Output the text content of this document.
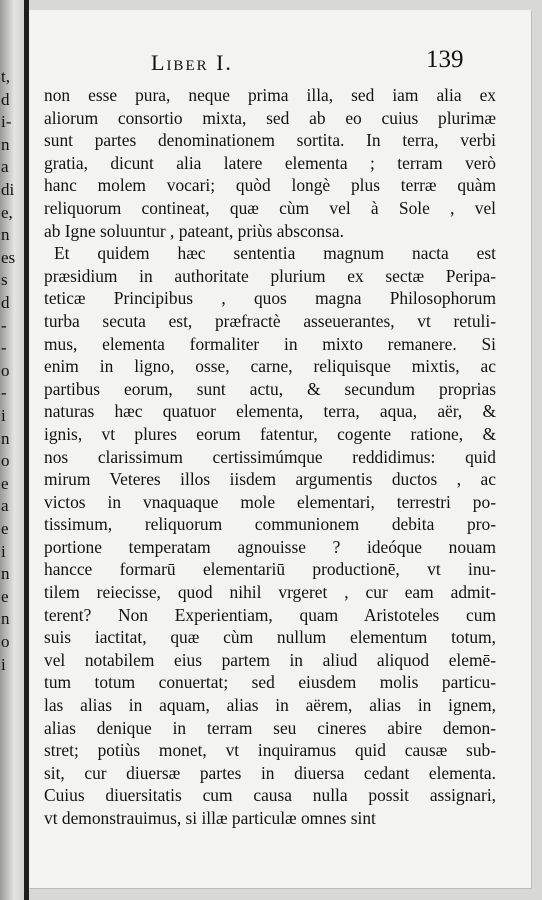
t,
d
i-
n
a
di
e,
n
es
s
d
-
-
o
-
i
n
o
e
a
e
i
n
e
n
o
i
Liber I.	139
non esse pura, neque prima illa, sed iam alia ex
aliorum consortio mixta, sed ab eo cuius plurimæ
sunt partes denominationem sortita. In terra, verbi
gratia, dicunt alia latere elementa ; terram verò
hanc molem vocari; quòd longè plus terræ quàm
reliquorum contineat, quæ cùm vel à Sole , vel
ab Igne soluuntur , pateant, priùs absconsa.
Et quidem hæc sententia magnum nacta est
præsidium in authoritate plurium ex sectæ Peripa-
teticæ Principibus , quos magna Philosophorum
turba secuta est, præfractè asseuerantes, vt retuli-
mus, elementa formaliter in mixto remanere. Si
enim in ligno, osse, carne, reliquisque mixtis, ac
partibus eorum, sunt actu, & secundum proprias
naturas hæc quatuor elementa, terra, aqua, aër, &
ignis, vt plures eorum fatentur, cogente ratione, &
nos clarissimum certissimúmque reddidimus: quid
mirum Veteres illos iisdem argumentis ductos , ac
victos in vnaquaque mole elementari, terrestri po-
tissimum, reliquorum communionem debita pro-
portione temperatam agnouisse ? ideóque nouam
hancce formarū elementariū productionē, vt inu-
tilem reiecisse, quod nihil vrgeret , cur eam admit-
terent? Non Experientiam, quam Aristoteles cum
suis iactitat, quæ cùm nullum elementum totum,
vel notabilem eius partem in aliud aliquod elemē-
tum totum conuertat; sed eiusdem molis particu-
las alias in aquam, alias in aërem, alias in ignem,
alias denique in terram seu cineres abire demon-
stret; potiùs monet, vt inquiramus quid causæ sub-
sit, cur diuersæ partes in diuersa cedant elementa.
Cuius diuersitatis cum causa nulla possit assignari,
vt demonstrauimus, si illæ particulæ omnes sint
